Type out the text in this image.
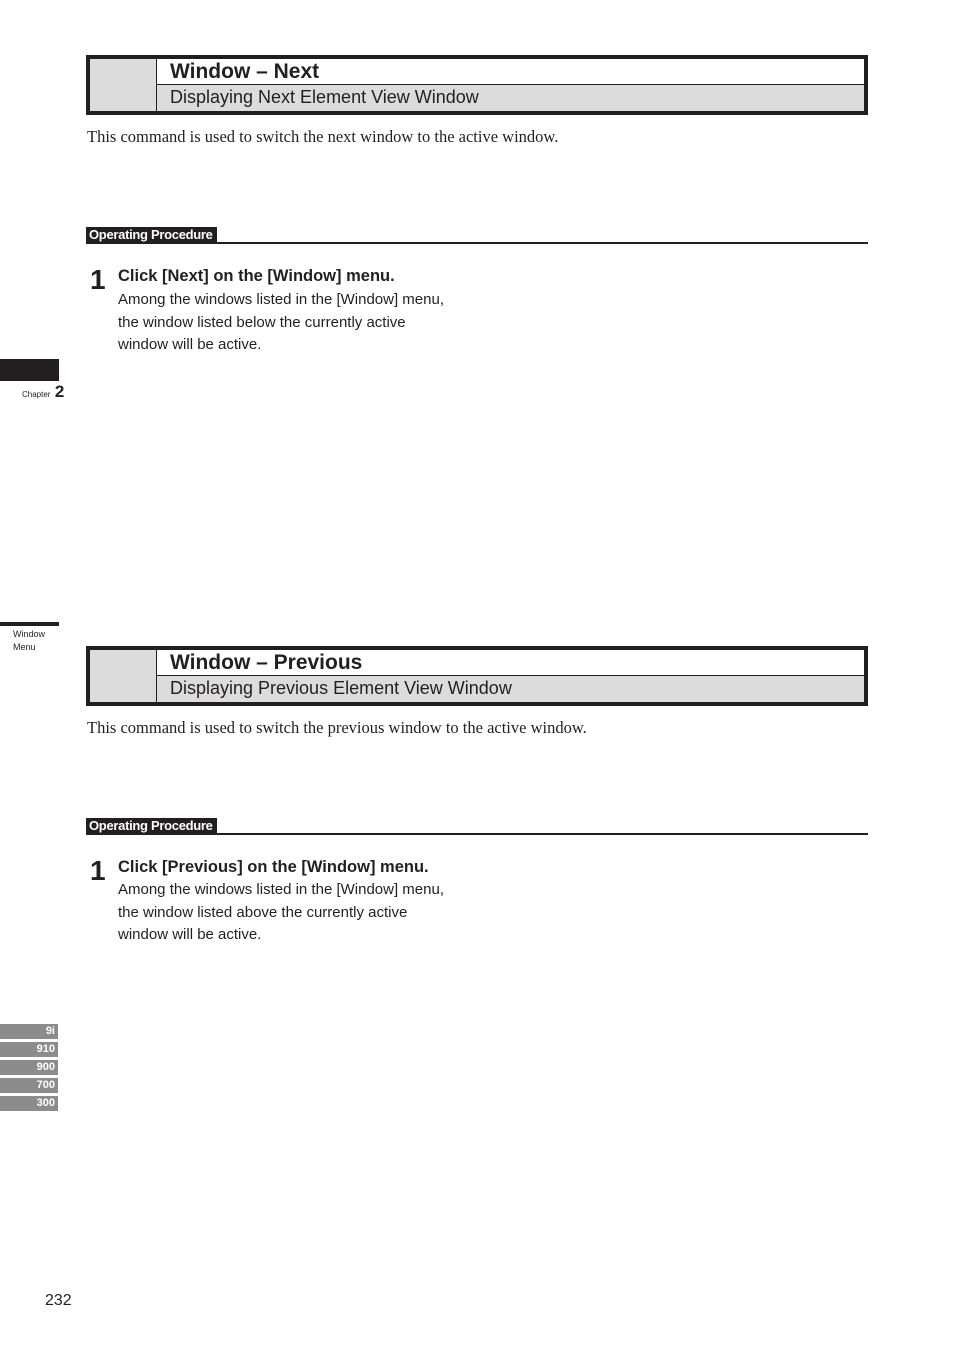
Window – Next
Displaying Next Element View Window
This command is used to switch the next window to the active window.
Operating Procedure
1 Click [Next] on the [Window] menu.
Among the windows listed in the [Window] menu, the window listed below the currently active window will be active.
Window – Previous
Displaying Previous Element View Window
This command is used to switch the previous window to the active window.
Operating Procedure
1 Click [Previous] on the [Window] menu.
Among the windows listed in the [Window] menu, the window listed above the currently active window will be active.
Chapter 2
Window Menu
9i
910
900
700
300
232
